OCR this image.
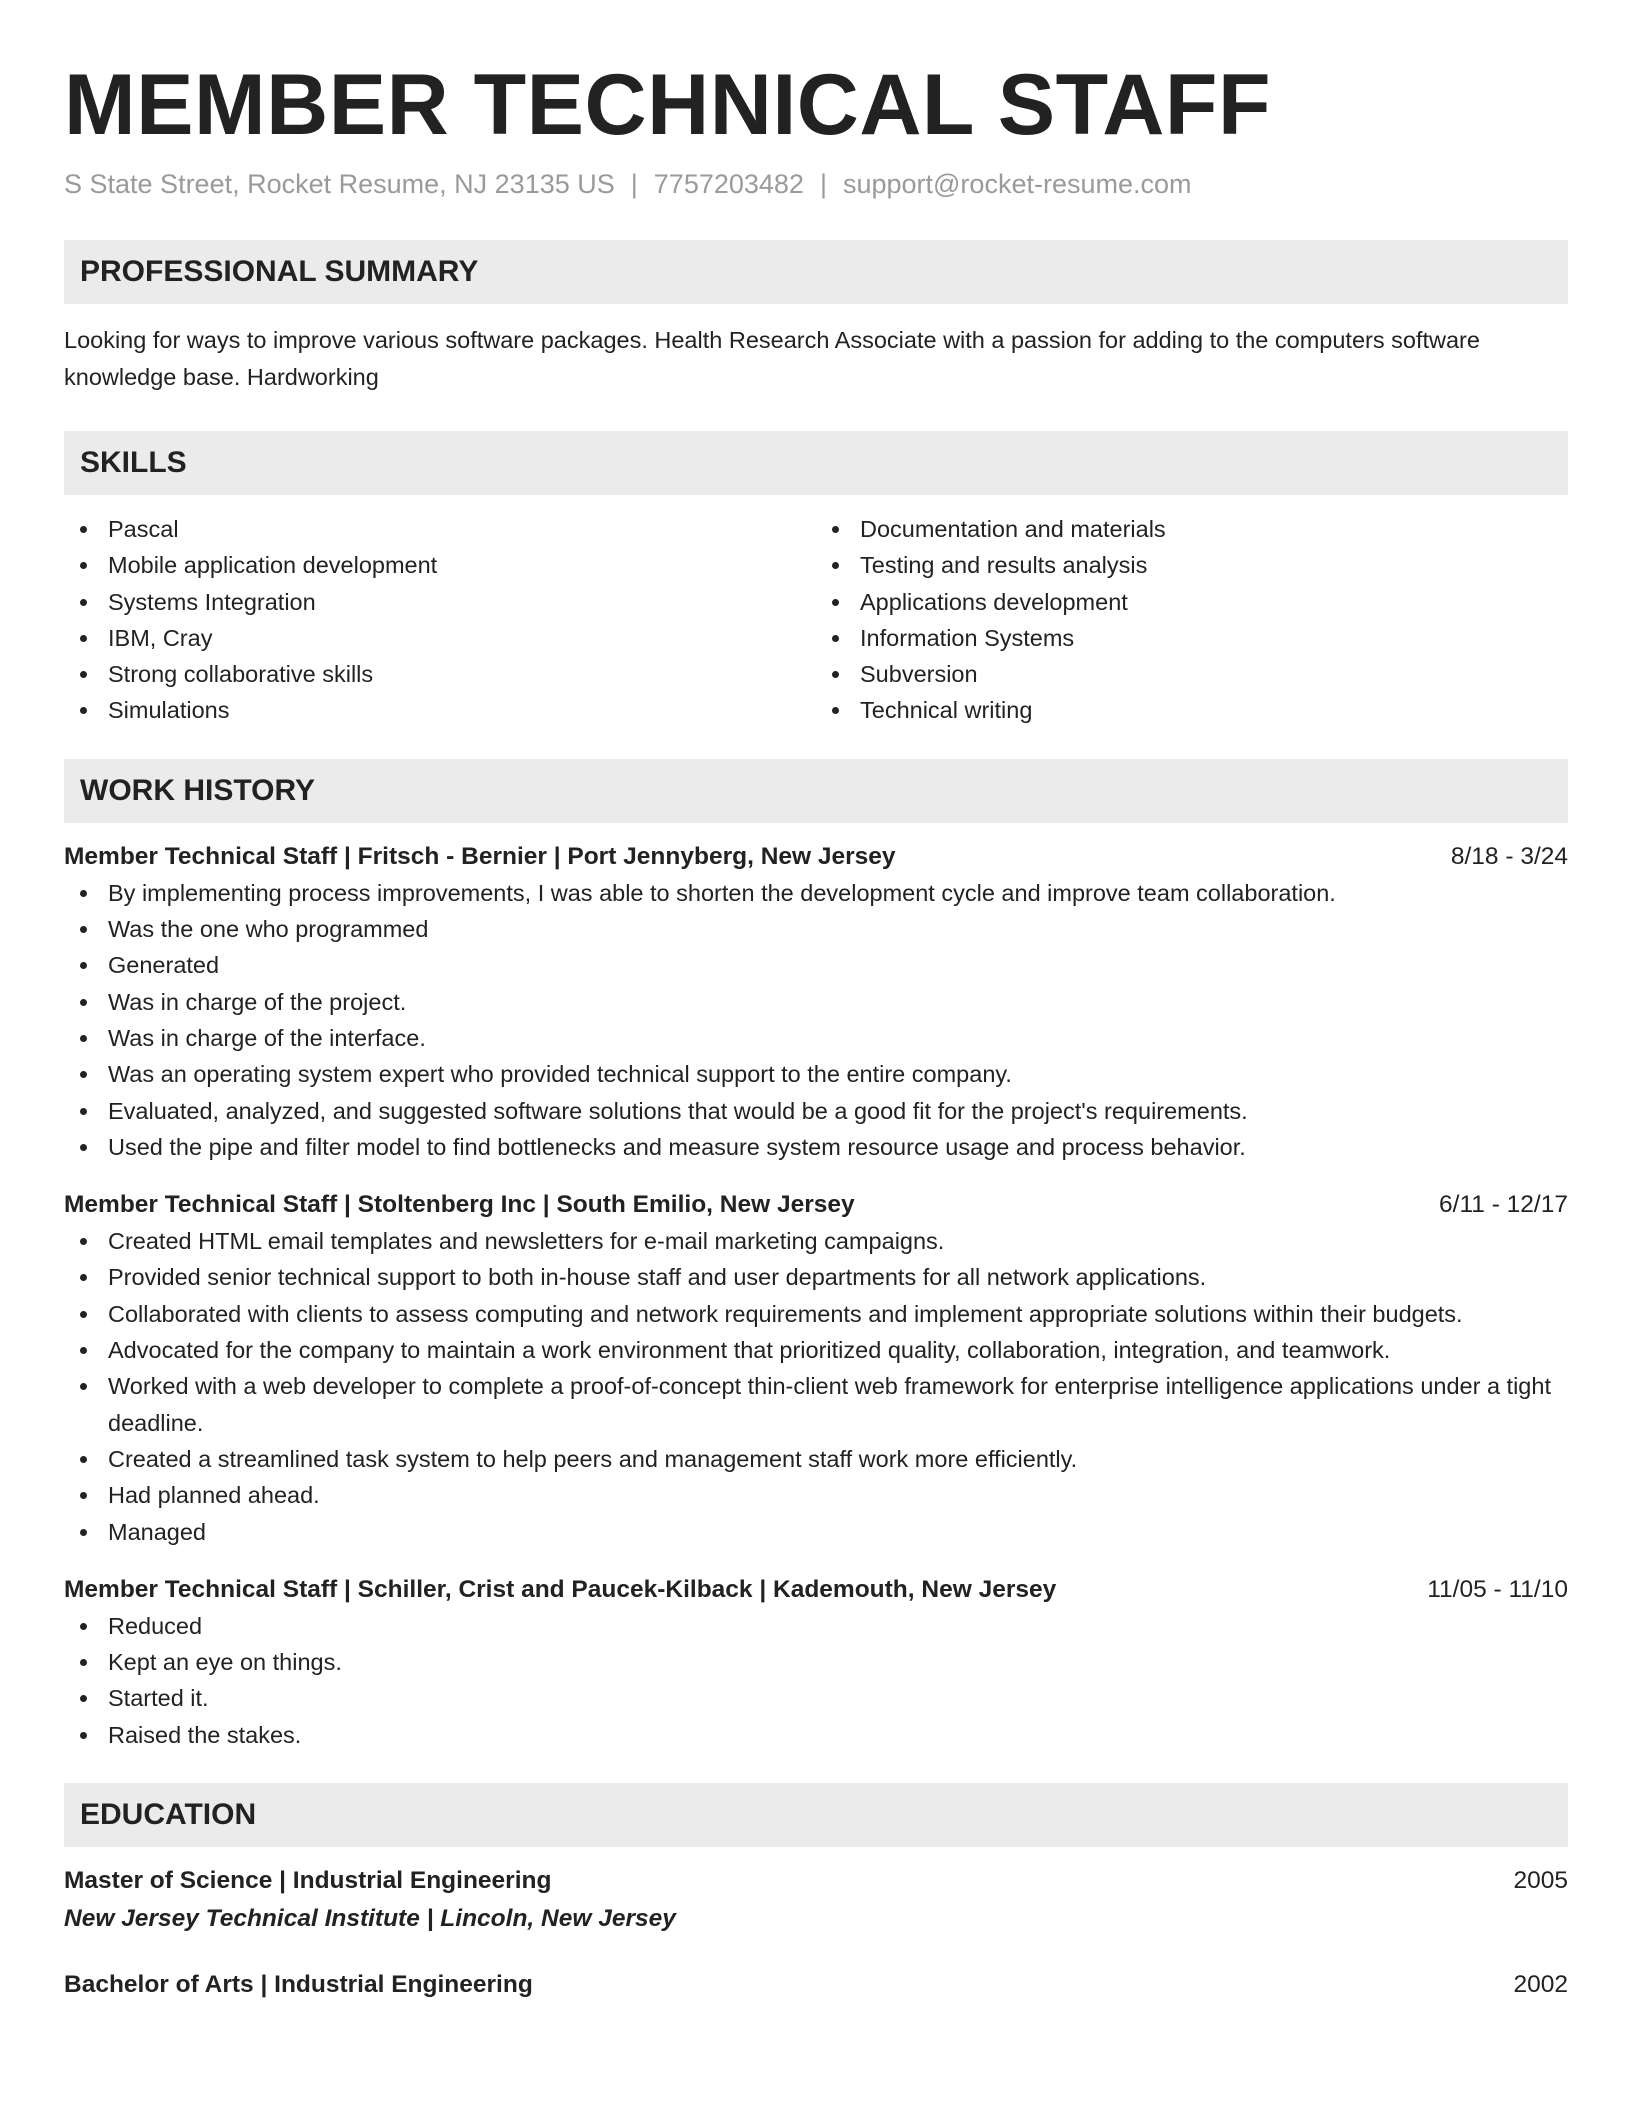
MEMBER TECHNICAL STAFF
S State Street, Rocket Resume, NJ 23135 US | 7757203482 | support@rocket-resume.com
PROFESSIONAL SUMMARY
Looking for ways to improve various software packages. Health Research Associate with a passion for adding to the computers software knowledge base. Hardworking
SKILLS
Pascal
Mobile application development
Systems Integration
IBM, Cray
Strong collaborative skills
Simulations
Documentation and materials
Testing and results analysis
Applications development
Information Systems
Subversion
Technical writing
WORK HISTORY
Member Technical Staff | Fritsch - Bernier | Port Jennyberg, New Jersey	8/18 - 3/24
By implementing process improvements, I was able to shorten the development cycle and improve team collaboration.
Was the one who programmed
Generated
Was in charge of the project.
Was in charge of the interface.
Was an operating system expert who provided technical support to the entire company.
Evaluated, analyzed, and suggested software solutions that would be a good fit for the project's requirements.
Used the pipe and filter model to find bottlenecks and measure system resource usage and process behavior.
Member Technical Staff | Stoltenberg Inc | South Emilio, New Jersey	6/11 - 12/17
Created HTML email templates and newsletters for e-mail marketing campaigns.
Provided senior technical support to both in-house staff and user departments for all network applications.
Collaborated with clients to assess computing and network requirements and implement appropriate solutions within their budgets.
Advocated for the company to maintain a work environment that prioritized quality, collaboration, integration, and teamwork.
Worked with a web developer to complete a proof-of-concept thin-client web framework for enterprise intelligence applications under a tight deadline.
Created a streamlined task system to help peers and management staff work more efficiently.
Had planned ahead.
Managed
Member Technical Staff | Schiller, Crist and Paucek-Kilback | Kademouth, New Jersey	11/05 - 11/10
Reduced
Kept an eye on things.
Started it.
Raised the stakes.
EDUCATION
Master of Science | Industrial Engineering	2005
New Jersey Technical Institute | Lincoln, New Jersey
Bachelor of Arts | Industrial Engineering	2002
